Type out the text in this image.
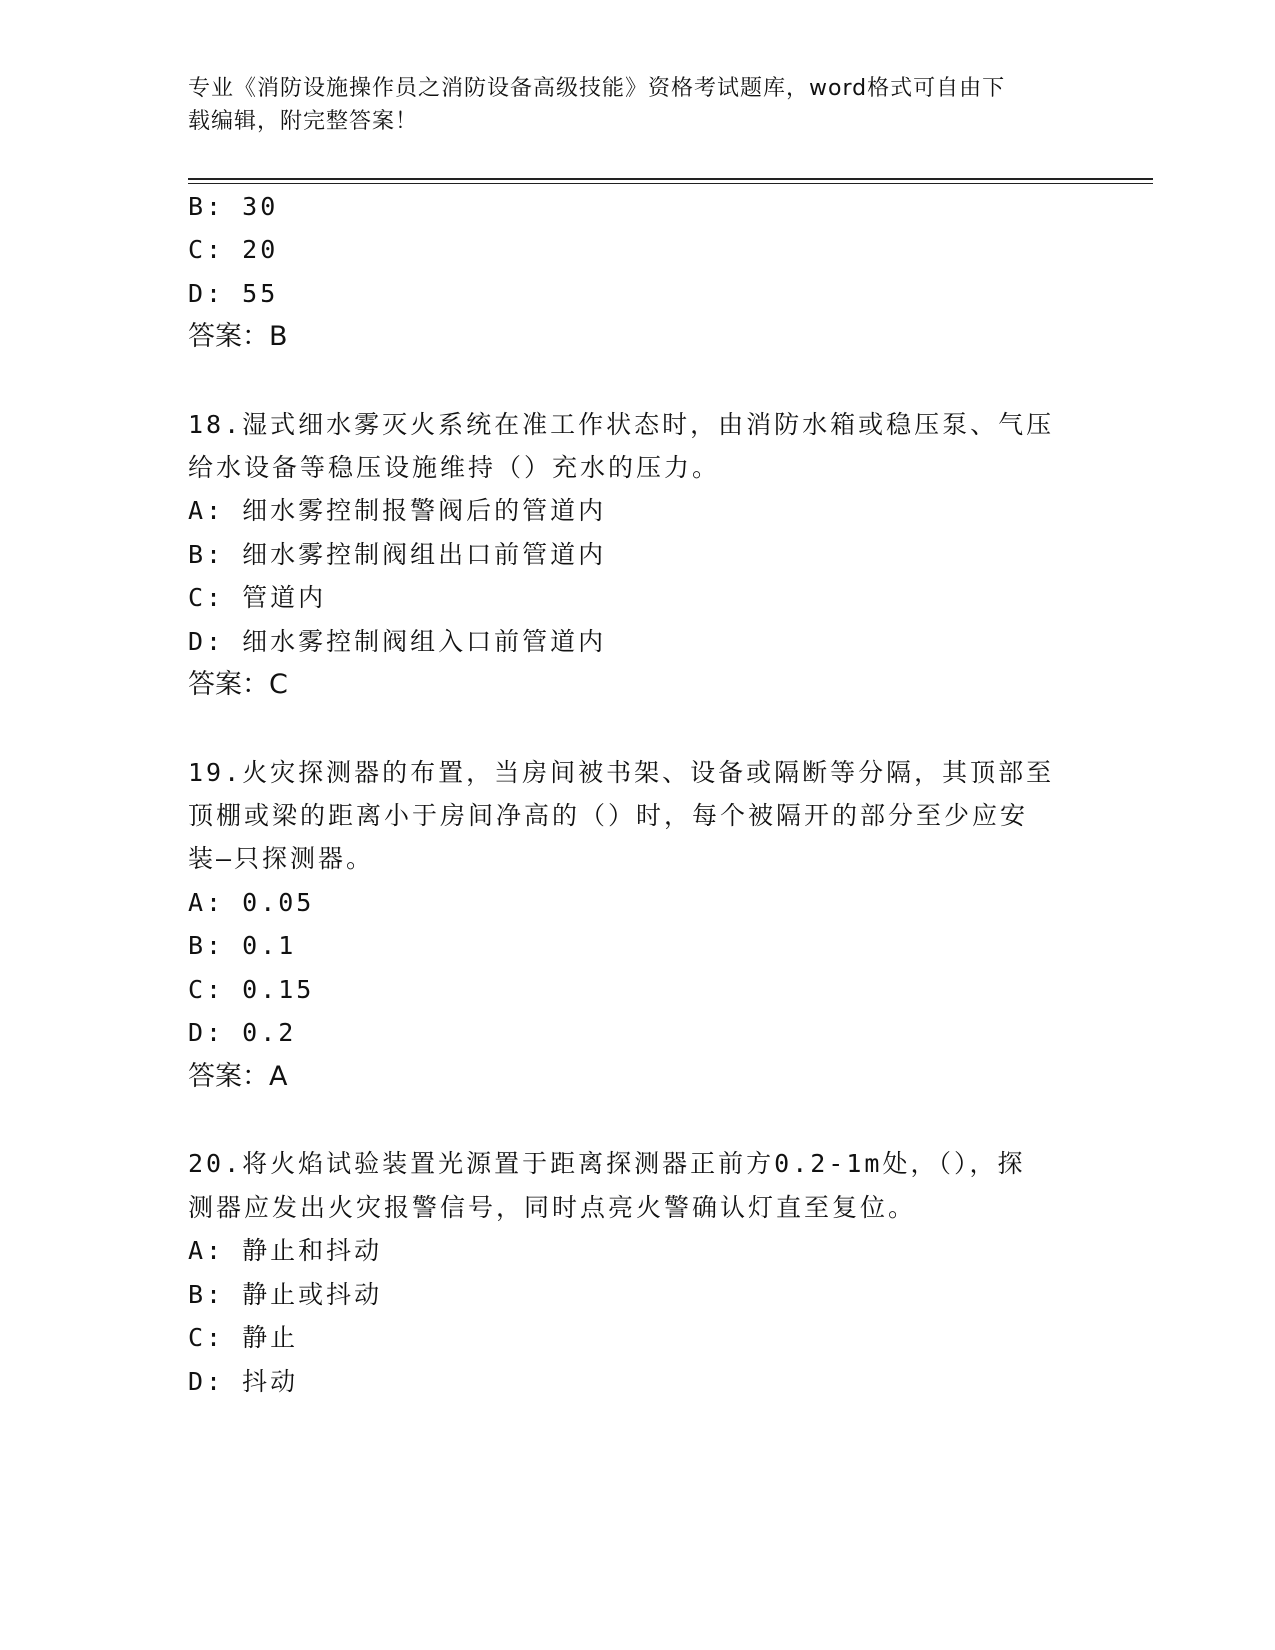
专业《消防设施操作员之消防设备高级技能》资格考试题库，word格式可自由下
载编辑，附完整答案！
B: 30
C: 20
D: 55
答案：B
18.湿式细水雾灭火系统在准工作状态时，由消防水箱或稳压泵、气压
给水设备等稳压设施维持（）充水的压力。
A: 细水雾控制报警阀后的管道内
B: 细水雾控制阀组出口前管道内
C: 管道内
D: 细水雾控制阀组入口前管道内
答案：C
19.火灾探测器的布置，当房间被书架、设备或隔断等分隔，其顶部至
顶棚或梁的距离小于房间净高的（）时，每个被隔开的部分至少应安
装—只探测器。
A: 0.05
B: 0.1
C: 0.15
D: 0.2
答案：A
20.将火焰试验装置光源置于距离探测器正前方0.2-1m处，（），探
测器应发出火灾报警信号，同时点亮火警确认灯直至复位。
A: 静止和抖动
B: 静止或抖动
C: 静止
D: 抖动
